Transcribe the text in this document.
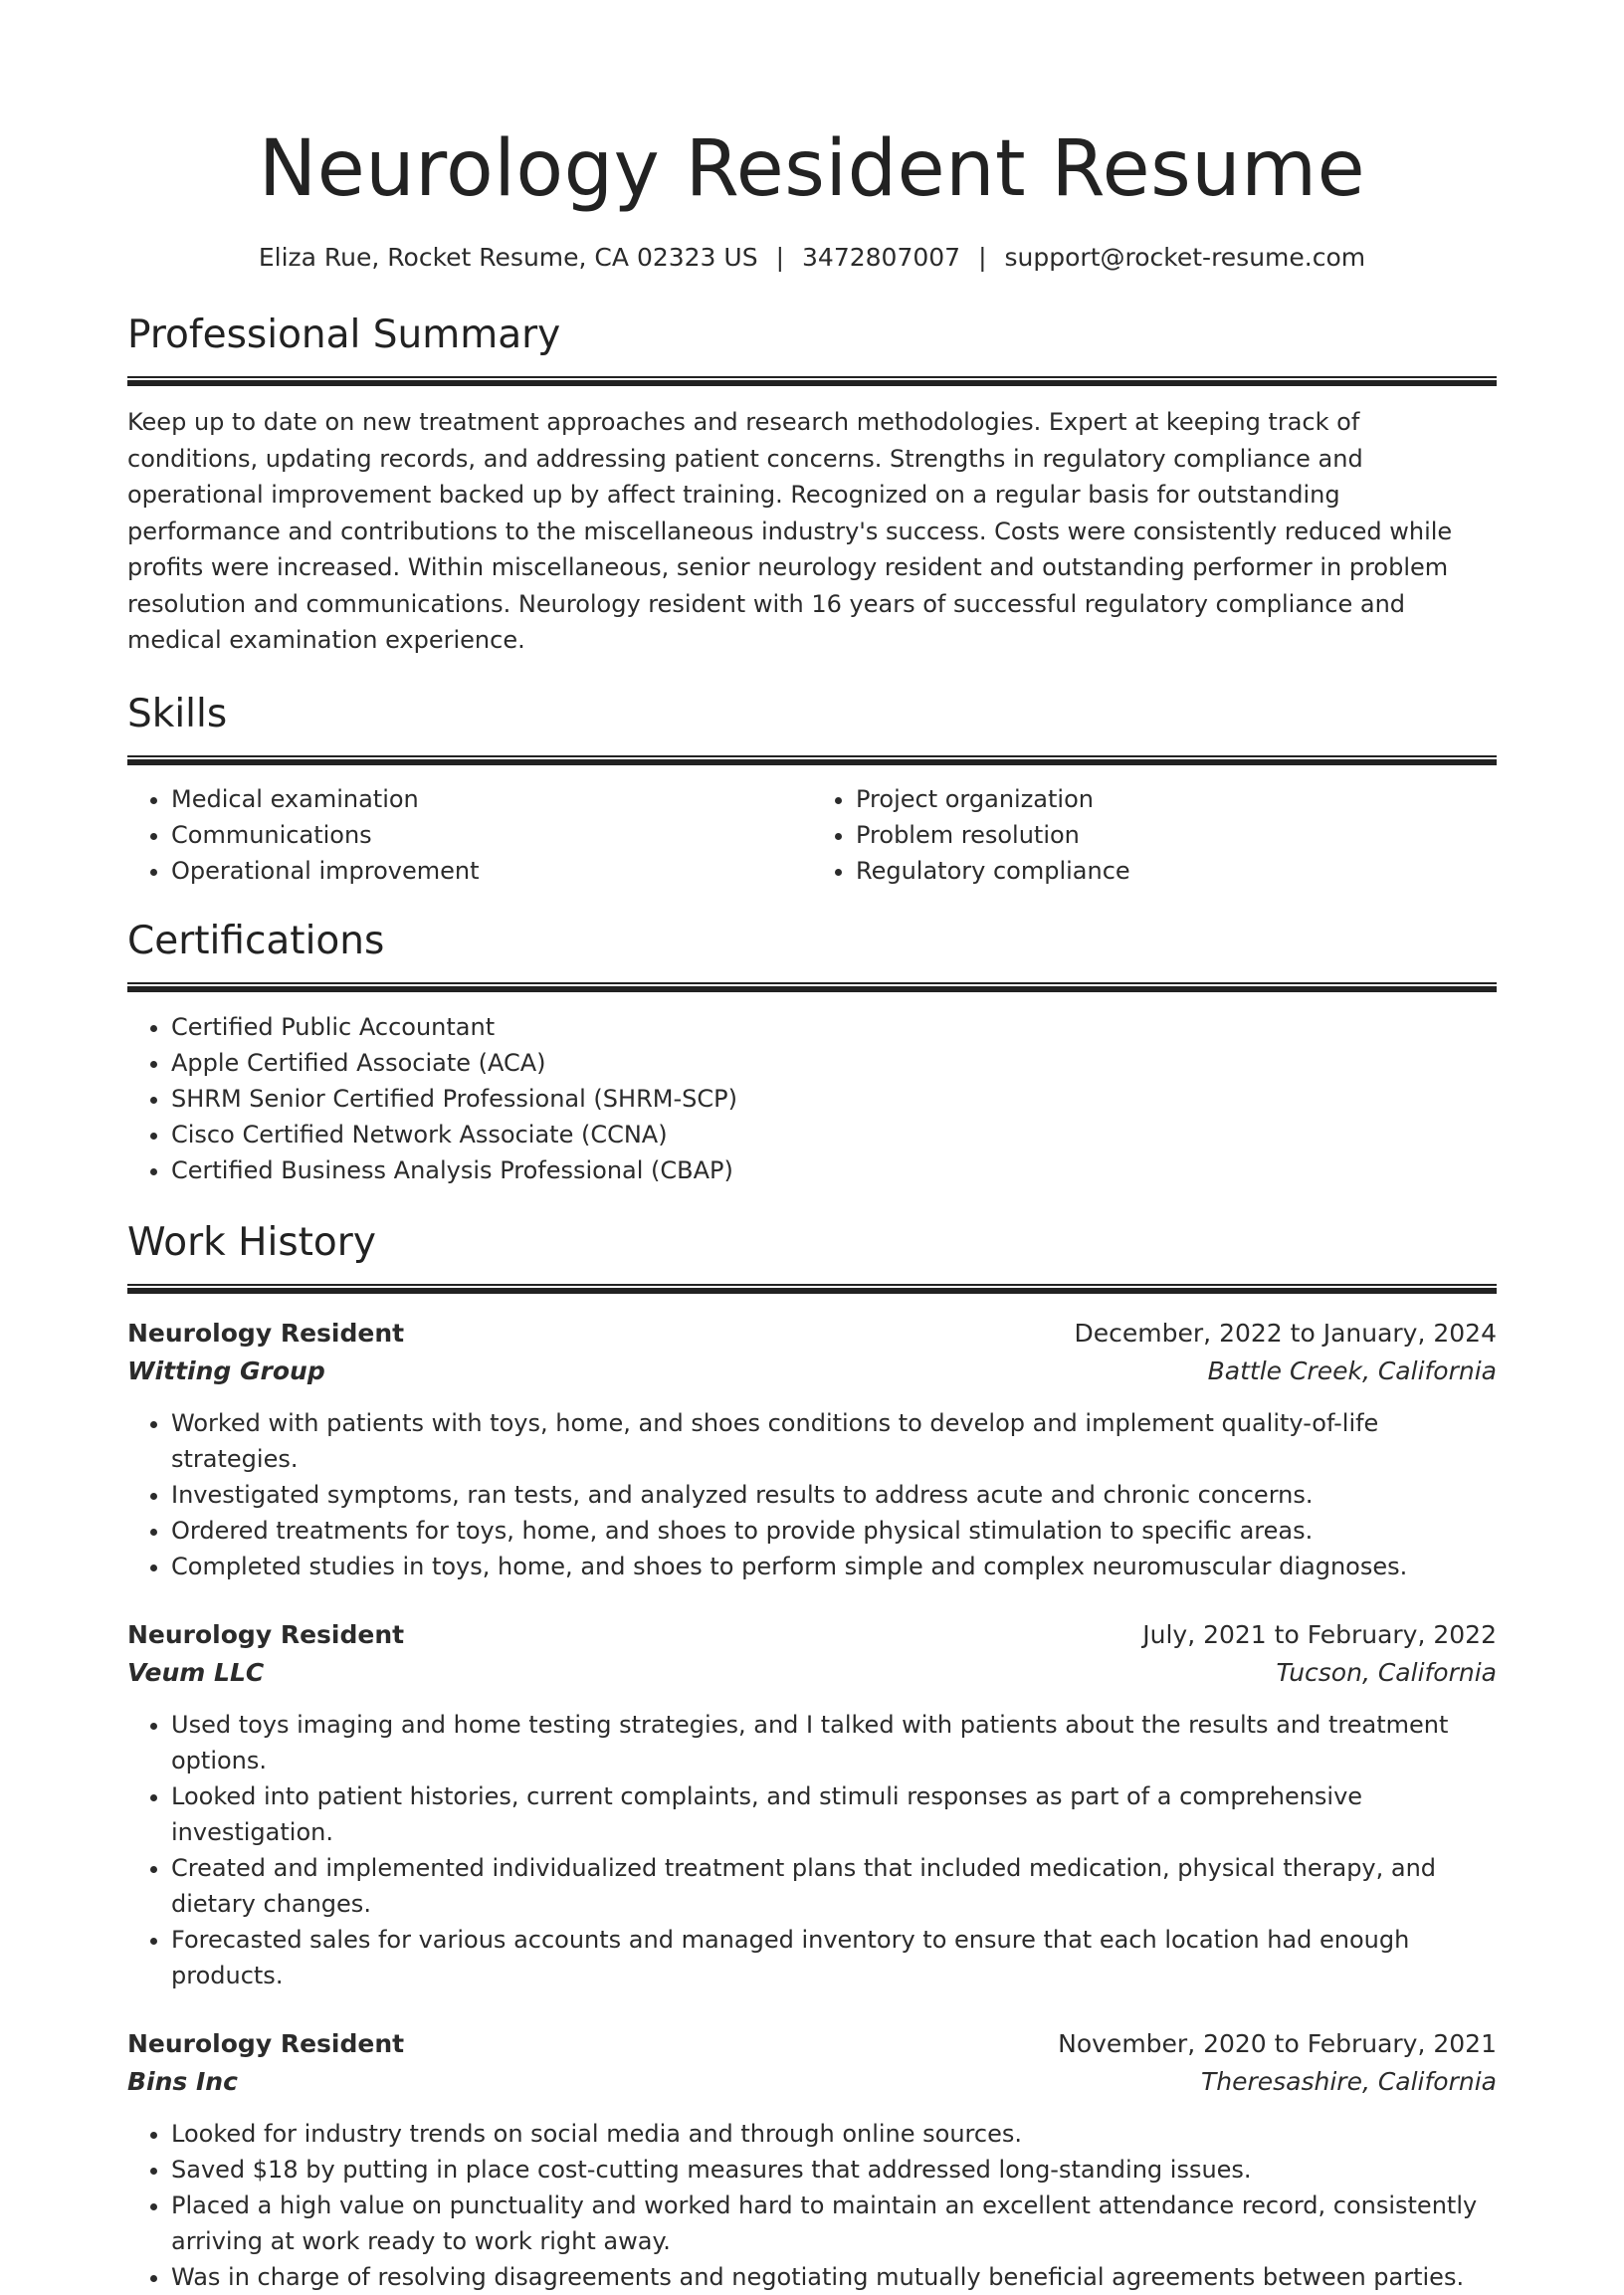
Neurology Resident Resume
Eliza Rue, Rocket Resume, CA 02323 US | 3472807007 | support@rocket-resume.com
Professional Summary

Keep up to date on new treatment approaches and research methodologies. Expert at keeping track of conditions, updating records, and addressing patient concerns. Strengths in regulatory compliance and operational improvement backed up by affect training. Recognized on a regular basis for outstanding performance and contributions to the miscellaneous industry's success. Costs were consistently reduced while profits were increased. Within miscellaneous, senior neurology resident and outstanding performer in problem resolution and communications. Neurology resident with 16 years of successful regulatory compliance and medical examination experience.

Skills
• Medical examination
• Communications
• Operational improvement
• Project organization
• Problem resolution
• Regulatory compliance
Certifications
• Certified Public Accountant
• Apple Certified Associate (ACA)
• SHRM Senior Certified Professional (SHRM-SCP)
• Cisco Certified Network Associate (CCNA)
• Certified Business Analysis Professional (CBAP)
Work History
Neurology Resident	December, 2022 to January, 2024
Witting Group	Battle Creek, California
• Worked with patients with toys, home, and shoes conditions to develop and implement quality-of-life strategies.
• Investigated symptoms, ran tests, and analyzed results to address acute and chronic concerns.
• Ordered treatments for toys, home, and shoes to provide physical stimulation to specific areas.
• Completed studies in toys, home, and shoes to perform simple and complex neuromuscular diagnoses.
Neurology Resident	July, 2021 to February, 2022
Veum LLC	Tucson, California
• Used toys imaging and home testing strategies, and I talked with patients about the results and treatment options.
• Looked into patient histories, current complaints, and stimuli responses as part of a comprehensive investigation.
• Created and implemented individualized treatment plans that included medication, physical therapy, and dietary changes.
• Forecasted sales for various accounts and managed inventory to ensure that each location had enough products.
Neurology Resident	November, 2020 to February, 2021
Bins Inc	Theresashire, California
• Looked for industry trends on social media and through online sources.
• Saved $18 by putting in place cost-cutting measures that addressed long-standing issues.
• Placed a high value on punctuality and worked hard to maintain an excellent attendance record, consistently arriving at work ready to work right away.
• Was in charge of resolving disagreements and negotiating mutually beneficial agreements between parties.
